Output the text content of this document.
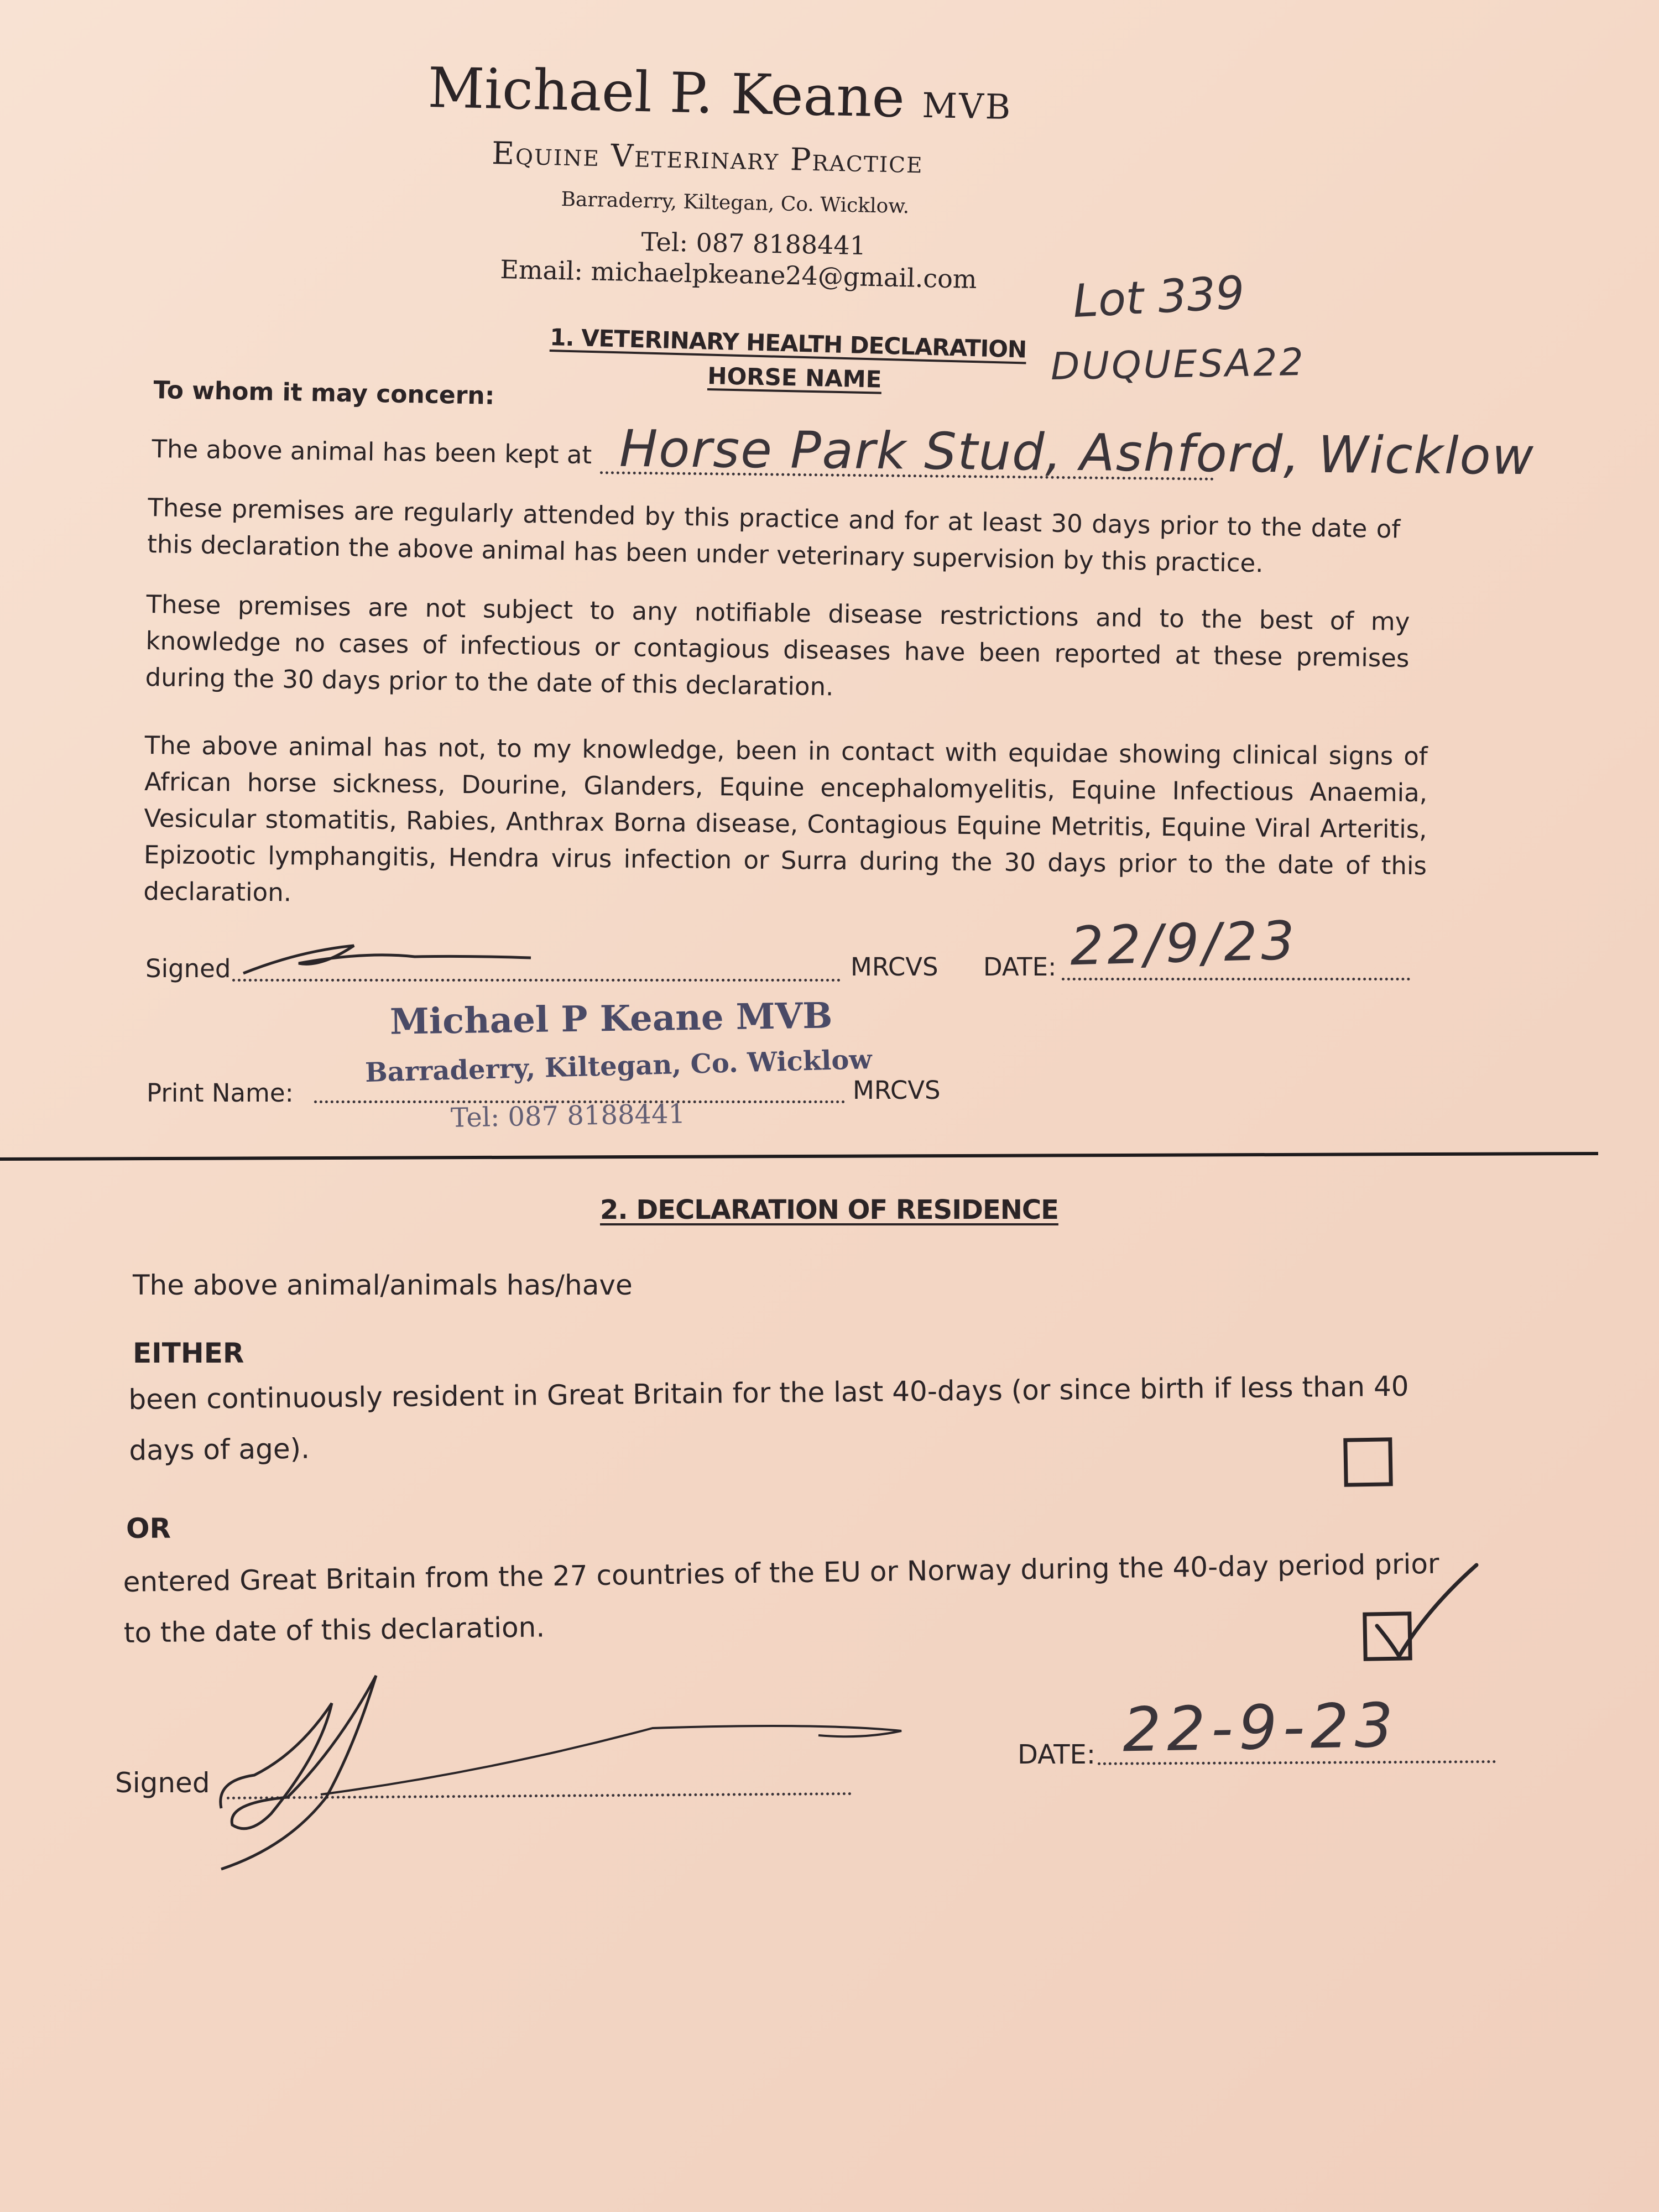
Michael P. Keane MVB
Equine Veterinary Practice
Barraderry, Kiltegan, Co. Wicklow.
Tel: 087 8188441
Email: michaelpkeane24@gmail.com Lot 339
DUQUESA22
1. VETERINARY HEALTH DECLARATION
HORSE NAME
To whom it may concern:
The above animal has been kept at Horse Park Stud, Ashford, Wicklow
These premises are regularly attended by this practice and for at least 30 days prior to the date of this declaration the above animal has been under veterinary supervision by this practice.
These premises are not subject to any notifiable disease restrictions and to the best of my knowledge no cases of infectious or contagious diseases have been reported at these premises during the 30 days prior to the date of this declaration.
The above animal has not, to my knowledge, been in contact with equidae showing clinical signs of African horse sickness, Dourine, Glanders, Equine encephalomyelitis, Equine Infectious Anaemia, Vesicular stomatitis, Rabies, Anthrax Borna disease, Contagious Equine Metritis, Equine Viral Arteritis, Epizootic lymphangitis, Hendra virus infection or Surra during the 30 days prior to the date of this declaration.
Signed	MRCVS DATE: 22/9/23
Michael P Keane MVB
Barraderry, Kiltegan, Co. Wicklow
Tel: 087 8188441
Print Name:	MRCVS
2. DECLARATION OF RESIDENCE
The above animal/animals has/have
EITHER
been continuously resident in Great Britain for the last 40-days (or since birth if less than 40 days of age).
OR
entered Great Britain from the 27 countries of the EU or Norway during the 40-day period prior to the date of this declaration.
Signed
DATE: 22-9-23
